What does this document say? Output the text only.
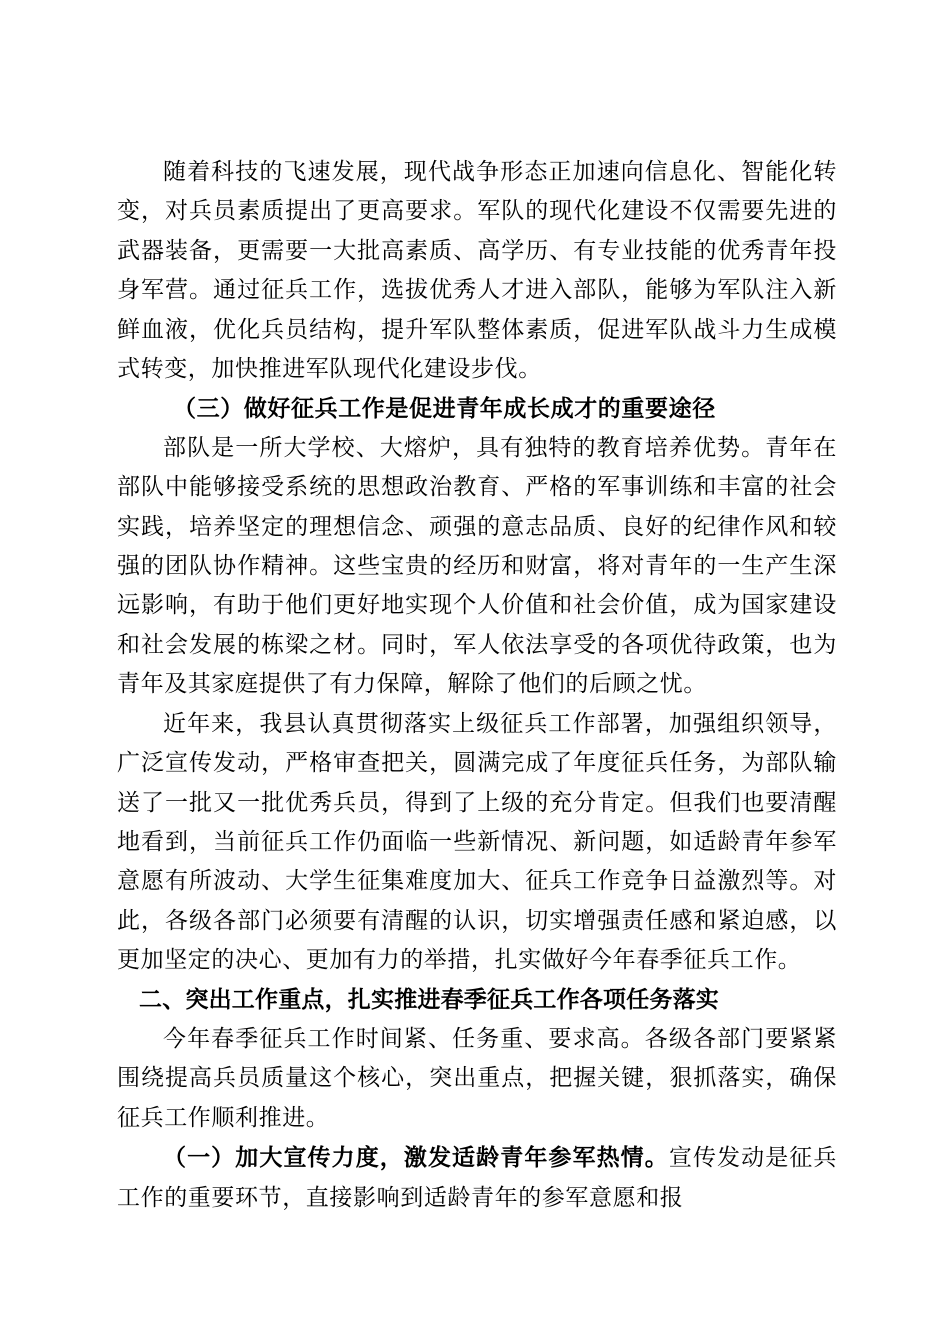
随着科技的飞速发展，现代战争形态正加速向信息化、智能化转变，对兵员素质提出了更高要求。军队的现代化建设不仅需要先进的武器装备，更需要一大批高素质、高学历、有专业技能的优秀青年投身军营。通过征兵工作，选拔优秀人才进入部队，能够为军队注入新鲜血液，优化兵员结构，提升军队整体素质，促进军队战斗力生成模式转变，加快推进军队现代化建设步伐。

（三）做好征兵工作是促进青年成长成才的重要途径

部队是一所大学校、大熔炉，具有独特的教育培养优势。青年在部队中能够接受系统的思想政治教育、严格的军事训练和丰富的社会实践，培养坚定的理想信念、顽强的意志品质、良好的纪律作风和较强的团队协作精神。这些宝贵的经历和财富，将对青年的一生产生深远影响，有助于他们更好地实现个人价值和社会价值，成为国家建设和社会发展的栋梁之材。同时，军人依法享受的各项优待政策，也为青年及其家庭提供了有力保障，解除了他们的后顾之忧。

近年来，我县认真贯彻落实上级征兵工作部署，加强组织领导，广泛宣传发动，严格审查把关，圆满完成了年度征兵任务，为部队输送了一批又一批优秀兵员，得到了上级的充分肯定。但我们也要清醒地看到，当前征兵工作仍面临一些新情况、新问题，如适龄青年参军意愿有所波动、大学生征集难度加大、征兵工作竞争日益激烈等。对此，各级各部门必须要有清醒的认识，切实增强责任感和紧迫感，以更加坚定的决心、更加有力的举措，扎实做好今年春季征兵工作。

二、突出工作重点，扎实推进春季征兵工作各项任务落实

今年春季征兵工作时间紧、任务重、要求高。各级各部门要紧紧围绕提高兵员质量这个核心，突出重点，把握关键，狠抓落实，确保征兵工作顺利推进。

（一）加大宣传力度，激发适龄青年参军热情。宣传发动是征兵工作的重要环节，直接影响到适龄青年的参军意愿和报
